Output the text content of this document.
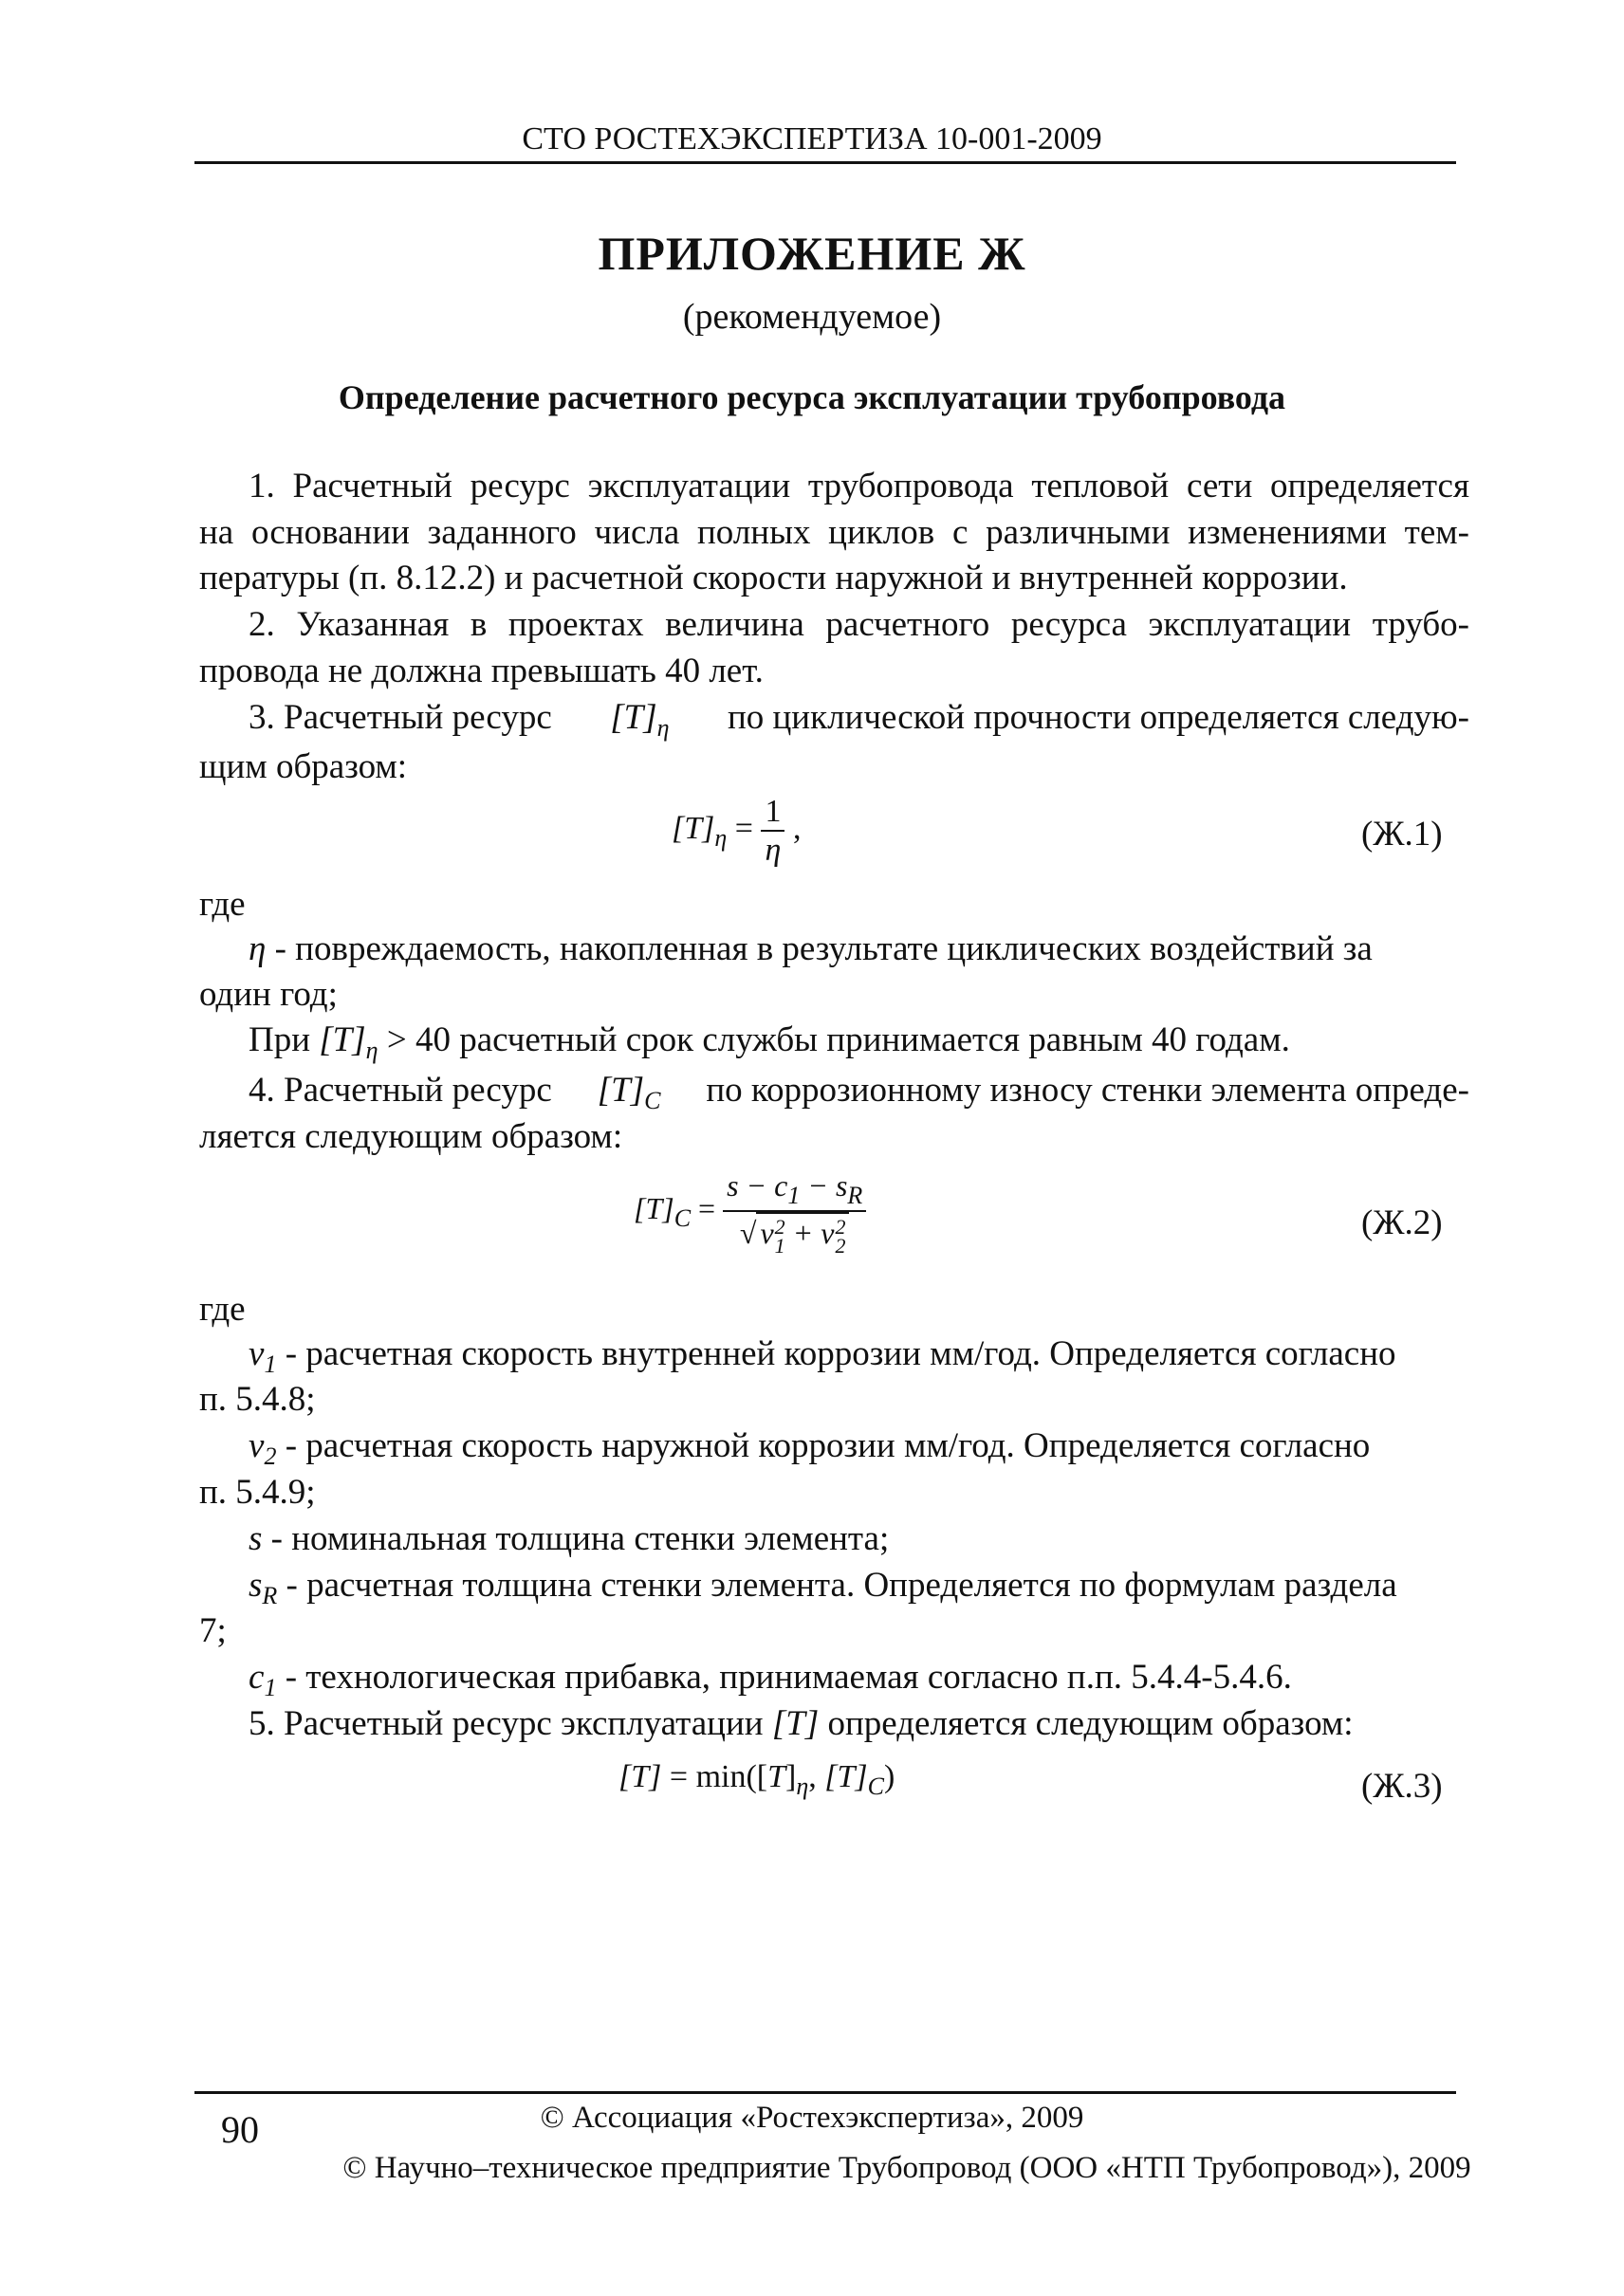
СТО РОСТЕХЭКСПЕРТИЗА 10-001-2009
ПРИЛОЖЕНИЕ Ж
(рекомендуемое)
Определение расчетного ресурса эксплуатации трубопровода
1. Расчетный ресурс эксплуатации трубопровода тепловой сети определяется
на основании заданного числа полных циклов с различными изменениями тем-
пературы (п. 8.12.2) и расчетной скорости наружной и внутренней коррозии.
2. Указанная в проектах величина расчетного ресурса эксплуатации трубо-
провода не должна превышать 40 лет.
3. Расчетный ресурс $[T]_\eta$ по циклической прочности определяется следую-
щим образом:
$[T]_\eta = \frac{1}{\eta}$ ,	(Ж.1)
где
η - повреждаемость, накопленная в результате циклических воздействий за
один год;
При $[T]_\eta > 40$ расчетный срок службы принимается равным 40 годам.
4. Расчетный ресурс $[T]_C$ по коррозионному износу стенки элемента опреде-
ляется следующим образом:
$[T]_C$ =
$s - c_1 - s_R$
√ v2
1 + v2
2
(Ж.2)
где
$v_1$ - расчетная скорость внутренней коррозии мм/год. Определяется согласно
п. 5.4.8;
$v_2$ - расчетная скорость наружной коррозии мм/год. Определяется согласно
п. 5.4.9;
s - номинальная толщина стенки элемента;
$s_R$ - расчетная толщина стенки элемента. Определяется по формулам раздела
7;
$c_1$ - технологическая прибавка, принимаемая согласно п.п. 5.4.4-5.4.6.
5. Расчетный ресурс эксплуатации [T] определяется следующим образом:
$[T] = \min([T]_\eta$, $[T]_C$)	(Ж.3)
© Ассоциация «Ростехэкспертиза», 2009
90
© Научно–техническое предприятие Трубопровод (ООО «НТП Трубопровод»), 2009
